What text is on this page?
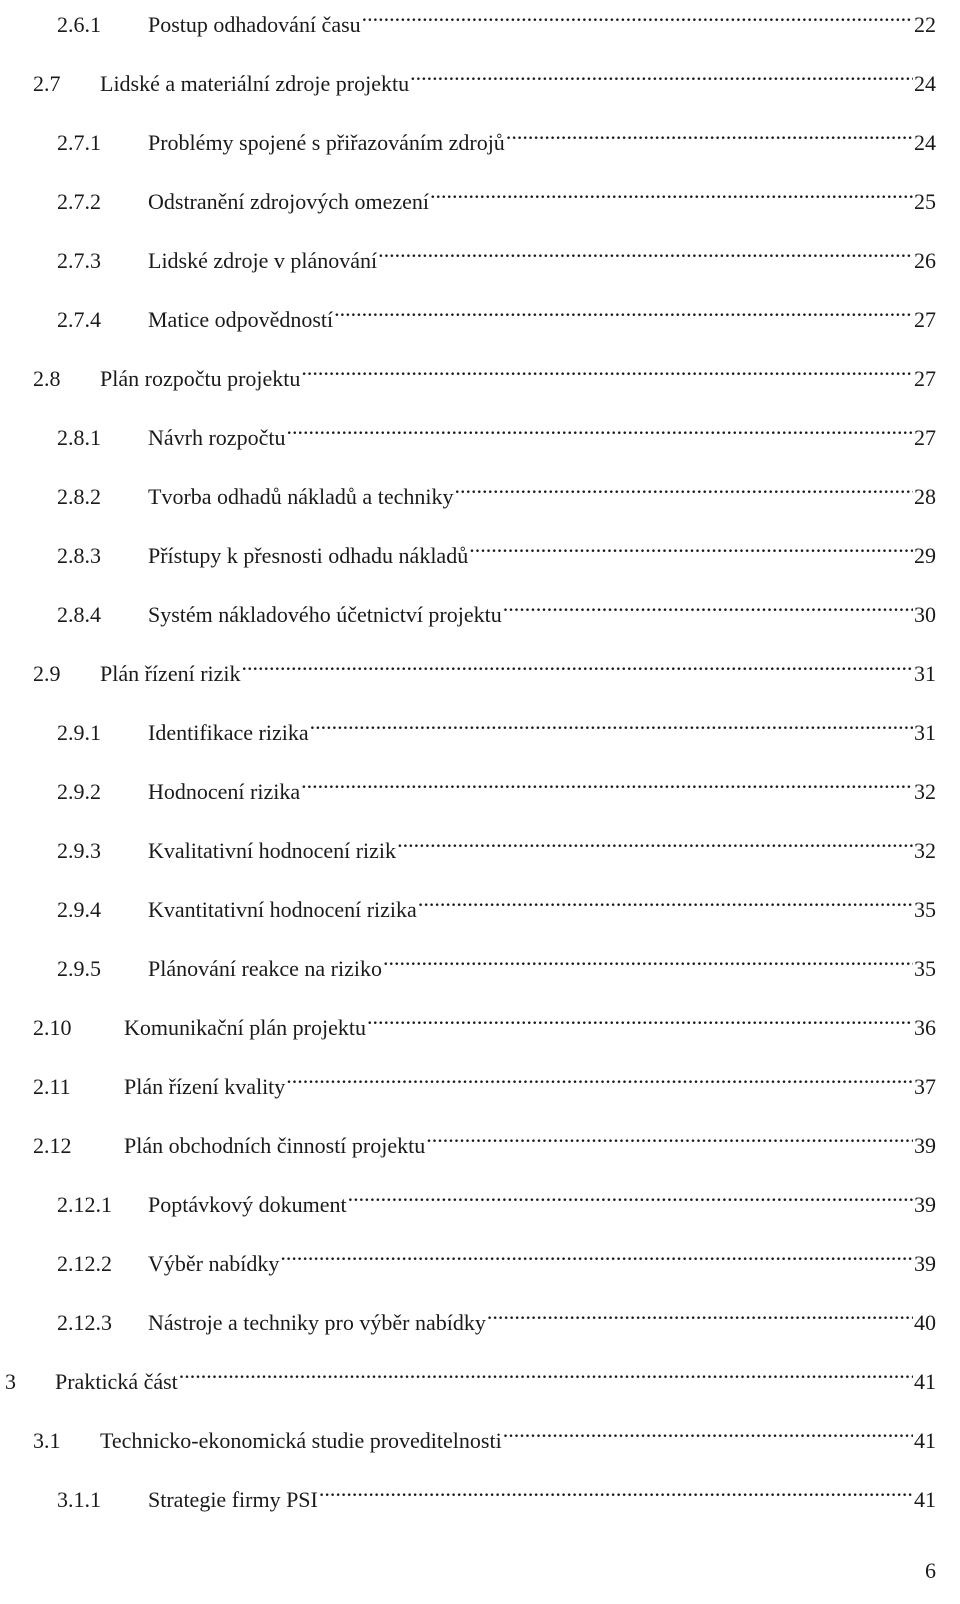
2.6.1	Postup odhadování času .....	22
2.7	Lidské a materiální zdroje projektu .....	24
2.7.1	Problémy spojené s přiřazováním zdrojů .....	24
2.7.2	Odstranění zdrojových omezení .....	25
2.7.3	Lidské zdroje v plánování .....	26
2.7.4	Matice odpovědností .....	27
2.8	Plán rozpočtu projektu .....	27
2.8.1	Návrh rozpočtu .....	27
2.8.2	Tvorba odhadů nákladů a techniky .....	28
2.8.3	Přístupy k přesnosti odhadu nákladů .....	29
2.8.4	Systém nákladového účetnictví projektu .....	30
2.9	Plán řízení rizik .....	31
2.9.1	Identifikace rizika .....	31
2.9.2	Hodnocení rizika .....	32
2.9.3	Kvalitativní hodnocení rizik .....	32
2.9.4	Kvantitativní hodnocení rizika .....	35
2.9.5	Plánování reakce na riziko .....	35
2.10	Komunikační plán projektu .....	36
2.11	Plán řízení kvality .....	37
2.12	Plán obchodních činností projektu .....	39
2.12.1	Poptávkový dokument .....	39
2.12.2	Výběr nabídky .....	39
2.12.3	Nástroje a techniky pro výběr nabídky .....	40
3	Praktická část .....	41
3.1	Technicko-ekonomická studie proveditelnosti .....	41
3.1.1	Strategie firmy PSI .....	41
6
